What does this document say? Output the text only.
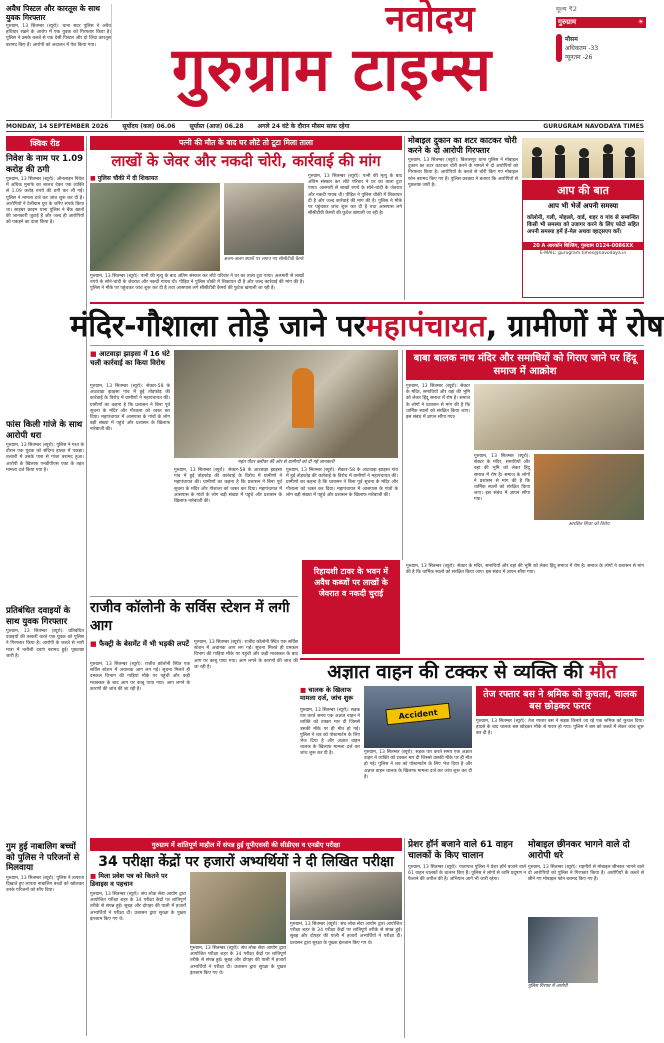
अवैध पिस्टल और कारतूस के साथ युवक गिरफ्तार
गुरुग्राम, 13 सितम्बर (ब्यूरो): थाना सदर पुलिस ने अवैध हथियार रखने के आरोप में एक युवक को गिरफ्तार किया है। पुलिस ने उसके कब्जे से एक देसी पिस्टल और दो जिंदा कारतूस बरामद किए हैं। आरोपी को अदालत में पेश किया गया।
नवोदय
गुरुग्राम टाइम्स
मूल्य ₹2
गुरुग्राम	☀
मौसम
अधिकतम -33
न्यूनतम -26
MONDAY, 14 SEPTEMBER 2026 सूर्योदय (कल) 06.06 सूर्यास्त (आज) 06.28 अगले 24 घंटे के दौरान मौसम साफ रहेगा	GURUGRAM NAVODAYA TIMES
क्विक रीड
निवेश के नाम पर 1.09 करोड़ की ठगी
गुरुग्राम, 13 सितम्बर (ब्यूरो): ऑनलाइन निवेश में अधिक मुनाफे का लालच देकर एक व्यक्ति से 1.09 करोड़ रुपये की ठगी कर ली गई। पुलिस ने मामला दर्ज कर जांच शुरू कर दी है। आरोपियों ने टेलीग्राम ग्रुप के जरिए संपर्क किया था। साइबर क्राइम थाना पुलिस ने बैंक खातों की जानकारी जुटाई है और जल्द ही आरोपियों को पकड़ने का दावा किया है।
फांस किली गांजे के साथ आरोपी धरा
गुरुग्राम, 13 सितम्बर (ब्यूरो): पुलिस ने गश्त के दौरान एक युवक को संदिग्ध हालत में पकड़ा। तलाशी में उसके पास से गांजा बरामद हुआ। आरोपी के खिलाफ एनडीपीएस एक्ट के तहत मामला दर्ज किया गया है।
प्रतिबंधित दवाइयों के साथ युवक गिरफ्तार
गुरुग्राम, 13 सितम्बर (ब्यूरो): प्रतिबंधित दवाइयों की तस्करी करते एक युवक को पुलिस ने गिरफ्तार किया है। आरोपी के कब्जे से भारी मात्रा में नशीली दवाएं बरामद हुईं। पूछताछ जारी है।
गुम हुई नाबालिग बच्चों को पुलिस ने परिजनों से मिलवाया
गुरुग्राम, 13 सितम्बर (ब्यूरो): पुलिस ने तत्परता दिखाते हुए लापता नाबालिग बच्चों को खोजकर उनके परिजनों को सौंप दिया।
पत्नी की मौत के बाद घर लौटे तो टूटा मिला ताला
लाखों के जेवर और नकदी चोरी, कार्रवाई की मांग
■ पुलिस चौकी में दी शिकायत
अलग-अलग स्थानों पर लगाए गए सीसीटीवी कैमरे
गुरुग्राम, 13 सितम्बर (ब्यूरो): पत्नी की मृत्यु के बाद अंतिम संस्कार कर लौटे परिवार ने घर का ताला टूटा पाया। अलमारी से लाखों रुपये के सोने-चांदी के जेवरात और नकदी गायब थी। पीड़ित ने पुलिस चौकी में शिकायत दी है और जल्द कार्रवाई की मांग की है। पुलिस ने मौके पर पहुंचकर जांच शुरू कर दी है तथा आसपास लगे सीसीटीवी कैमरों की फुटेज खंगाली जा रही है।
गुरुग्राम, 13 सितम्बर (ब्यूरो): पत्नी की मृत्यु के बाद अंतिम संस्कार कर लौटे परिवार ने घर का ताला टूटा पाया। अलमारी से लाखों रुपये के सोने-चांदी के जेवरात और नकदी गायब थी। पीड़ित ने पुलिस चौकी में शिकायत दी है और जल्द कार्रवाई की मांग की है। पुलिस ने मौके पर पहुंचकर जांच शुरू कर दी है तथा आसपास लगे सीसीटीवी कैमरों की फुटेज खंगाली जा रही है।
मोबाइल दुकान का शटर काटकर चोरी करने के दो आरोपी गिरफ्तार
गुरुग्राम, 13 सितम्बर (ब्यूरो): बिलासपुर थाना पुलिस ने मोबाइल दुकान का शटर काटकर चोरी करने के मामले में दो आरोपियों को गिरफ्तार किया है। आरोपियों के कब्जे से चोरी किए गए मोबाइल फोन बरामद किए गए हैं। पुलिस प्रवक्ता ने बताया कि आरोपियों से पूछताछ जारी है।	आप की बात
आप भी भेजें अपनी समस्या
कॉलोनी, गली, मोहल्ले, वार्ड, शहर व गांव से सम्बन्धित किसी भी समस्या को उजागर करने के लिए फोटो सहित अपनी समस्या हमें ई-मेल अथवा व्हाट्सएप करें।
20 A आरकॉन बिल्डिंग, गुरुग्राम 0124-0086XX
E-MAIL: gurugram.times@navodaya.in
मंदिर-गौशाला तोड़े जाने पर महापंचायत , ग्रामीणों में रोष
■ आटवाड़ा झाड़सा में 16 घंटे चली कार्रवाई का किया विरोध
गुरुग्राम, 13 सितम्बर (ब्यूरो): सेक्टर-58 के आटवाड़ा झाड़सा गांव में हुई तोड़फोड़ की कार्रवाई के विरोध में ग्रामीणों ने महापंचायत की। ग्रामीणों का कहना है कि प्रशासन ने बिना पूर्व सूचना के मंदिर और गौशाला को ध्वस्त कर दिया। महापंचायत में आसपास के गांवों के लोग बड़ी संख्या में पहुंचे और प्रशासन के खिलाफ नारेबाजी की।
महंत पीटर क्लीवर कीं ओर से ग्रामीणों को दी गई जानकारी
गुरुग्राम, 13 सितम्बर (ब्यूरो): सेक्टर-58 के आटवाड़ा झाड़सा गांव में हुई तोड़फोड़ की कार्रवाई के विरोध में ग्रामीणों ने महापंचायत की। ग्रामीणों का कहना है कि प्रशासन ने बिना पूर्व सूचना के मंदिर और गौशाला को ध्वस्त कर दिया। महापंचायत में आसपास के गांवों के लोग बड़ी संख्या में पहुंचे और प्रशासन के खिलाफ नारेबाजी की।
गुरुग्राम, 13 सितम्बर (ब्यूरो): सेक्टर-58 के आटवाड़ा झाड़सा गांव में हुई तोड़फोड़ की कार्रवाई के विरोध में ग्रामीणों ने महापंचायत की। ग्रामीणों का कहना है कि प्रशासन ने बिना पूर्व सूचना के मंदिर और गौशाला को ध्वस्त कर दिया। महापंचायत में आसपास के गांवों के लोग बड़ी संख्या में पहुंचे और प्रशासन के खिलाफ नारेबाजी की।
बाबा बालक नाथ मंदिर और समाधियों को गिराए जाने पर हिंदू समाज में आक्रोश
गुरुग्राम, 13 सितम्बर (ब्यूरो): सेक्टर के मंदिर, समाधियों और वहां की भूमि को लेकर हिंदू समाज में रोष है। समाज के लोगों ने प्रशासन से मांग की है कि धार्मिक स्थलों को संरक्षित किया जाए। इस संबंध में ज्ञापन सौंपा गया।
आरक्षित शिफ्ट को विरोध
गुरुग्राम, 13 सितम्बर (ब्यूरो): सेक्टर के मंदिर, समाधियों और वहां की भूमि को लेकर हिंदू समाज में रोष है। समाज के लोगों ने प्रशासन से मांग की है कि धार्मिक स्थलों को संरक्षित किया जाए। इस संबंध में ज्ञापन सौंपा गया।
गुरुग्राम, 13 सितम्बर (ब्यूरो): सेक्टर के मंदिर, समाधियों और वहां की भूमि को लेकर हिंदू समाज में रोष है। समाज के लोगों ने प्रशासन से मांग की है कि धार्मिक स्थलों को संरक्षित किया जाए। इस संबंध में ज्ञापन सौंपा गया।
रिहायशी टावर के भवन में अवैध कब्जों पर लाखों के जेवरात व नकदी चुराई
राजीव कॉलोनी के सर्विस स्टेशन में लगी आग
■ फैक्ट्री के बेसमेंट में भी भड़की लपटें
गुरुग्राम, 13 सितम्बर (ब्यूरो): राजीव कॉलोनी स्थित एक सर्विस स्टेशन में अचानक आग लग गई। सूचना मिलते ही दमकल विभाग की गाड़ियां मौके पर पहुंची और कड़ी मशक्कत के बाद आग पर काबू पाया गया। आग लगने के कारणों की जांच की जा रही है।
गुरुग्राम, 13 सितम्बर (ब्यूरो): राजीव कॉलोनी स्थित एक सर्विस स्टेशन में अचानक आग लग गई। सूचना मिलते ही दमकल विभाग की गाड़ियां मौके पर पहुंची और कड़ी मशक्कत के बाद आग पर काबू पाया गया। आग लगने के कारणों की जांच की जा रही है।	अज्ञात वाहन की टक्कर से व्यक्ति की मौत
■ चालक के खिलाफ मामला दर्ज, जांच शुरू
गुरुग्राम, 13 सितम्बर (ब्यूरो): सड़क पार करते समय एक अज्ञात वाहन ने व्यक्ति को टक्कर मार दी जिससे उसकी मौके पर ही मौत हो गई। पुलिस ने शव को पोस्टमार्टम के लिए भेज दिया है और अज्ञात वाहन चालक के खिलाफ मामला दर्ज कर जांच शुरू कर दी है।
Accident
गुरुग्राम, 13 सितम्बर (ब्यूरो): सड़क पार करते समय एक अज्ञात वाहन ने व्यक्ति को टक्कर मार दी जिससे उसकी मौके पर ही मौत हो गई। पुलिस ने शव को पोस्टमार्टम के लिए भेज दिया है और अज्ञात वाहन चालक के खिलाफ मामला दर्ज कर जांच शुरू कर दी है।
तेज रफ्तार बस ने श्रमिक को कुचला, चालक बस छोड़कर फरार
गुरुग्राम, 13 सितम्बर (ब्यूरो): तेज रफ्तार बस ने सड़क किनारे जा रहे एक श्रमिक को कुचल दिया। हादसे के बाद चालक बस छोड़कर मौके से फरार हो गया। पुलिस ने बस को कब्जे में लेकर जांच शुरू कर दी है।
गुरुग्राम में शांतिपूर्ण माहौल में संपन्न हुई यूपीएससी की सीडीएस व एनडीए परीक्षा
34 परीक्षा केंद्रों पर हजारों अभ्यर्थियों ने दी लिखित परीक्षा
■ मिला प्रवेश पत्र को कितने पर डिवाइस व पहचान
गुरुग्राम, 13 सितम्बर (ब्यूरो): संघ लोक सेवा आयोग द्वारा आयोजित परीक्षा शहर के 34 परीक्षा केंद्रों पर शांतिपूर्ण तरीके से संपन्न हुई। सुबह और दोपहर की पाली में हजारों अभ्यर्थियों ने परीक्षा दी। प्रशासन द्वारा सुरक्षा के पुख्ता इंतजाम किए गए थे।
गुरुग्राम, 13 सितम्बर (ब्यूरो): संघ लोक सेवा आयोग द्वारा आयोजित परीक्षा शहर के 34 परीक्षा केंद्रों पर शांतिपूर्ण तरीके से संपन्न हुई। सुबह और दोपहर की पाली में हजारों अभ्यर्थियों ने परीक्षा दी। प्रशासन द्वारा सुरक्षा के पुख्ता इंतजाम किए गए थे।
गुरुग्राम, 13 सितम्बर (ब्यूरो): संघ लोक सेवा आयोग द्वारा आयोजित परीक्षा शहर के 34 परीक्षा केंद्रों पर शांतिपूर्ण तरीके से संपन्न हुई। सुबह और दोपहर की पाली में हजारों अभ्यर्थियों ने परीक्षा दी। प्रशासन द्वारा सुरक्षा के पुख्ता इंतजाम किए गए थे।
प्रेशर हॉर्न बजाने वाले 61 वाहन चालकों के किए चालान
गुरुग्राम, 13 सितम्बर (ब्यूरो): यातायात पुलिस ने प्रेशर हॉर्न बजाने वाले 61 वाहन चालकों के चालान किए हैं। पुलिस ने लोगों से ध्वनि प्रदूषण न फैलाने की अपील की है। अभियान आगे भी जारी रहेगा।
मोबाइल छीनकर भागने वाले दो आरोपी धरे
गुरुग्राम, 13 सितम्बर (ब्यूरो): राहगीरों से मोबाइल छीनकर भागने वाले दो आरोपियों को पुलिस ने गिरफ्तार किया है। आरोपियों के कब्जे से छीने गए मोबाइल फोन बरामद किए गए हैं।
पुलिस गिरफ्त में आरोपी
